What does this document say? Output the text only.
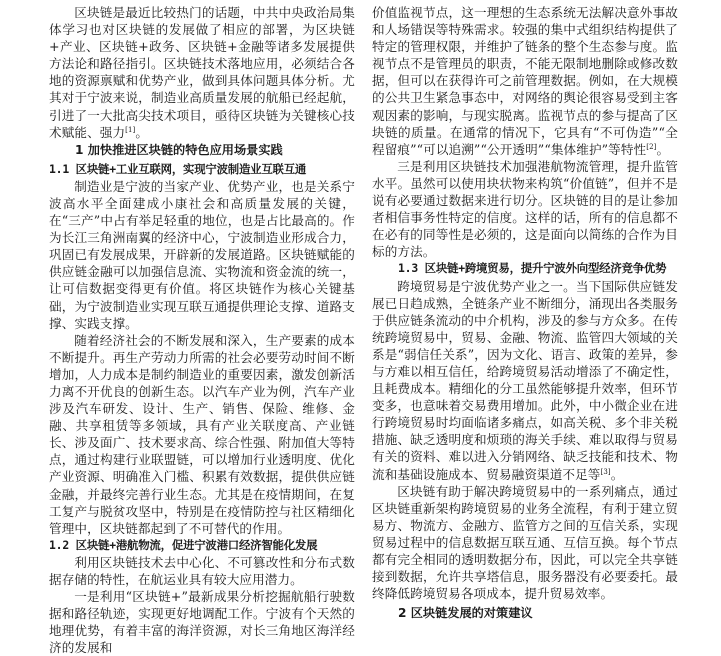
区块链是最近比较热门的话题，中共中央政治局集体学习也对区块链的发展做了相应的部署，为区块链+产业、区块链+政务、区块链+金融等诸多发展提供方法论和路径指引。区块链技术落地应用，必须结合各地的资源禀赋和优势产业，做到具体问题具体分析。尤其对于宁波来说，制造业高质量发展的航船已经起航，引进了一大批高尖技术项目，亟待区块链为关键核心技术赋能、强力[1]。

1 加快推进区块链的特色应用场景实践
1.1 区块链+工业互联网，实现宁波制造业互联互通

制造业是宁波的当家产业、优势产业，也是关系宁波高水平全面建成小康社会和高质量发展的关键，在“三产”中占有举足轻重的地位，也是占比最高的。作为长江三角洲南翼的经济中心，宁波制造业形成合力，巩固已有发展成果，开辟新的发展道路。区块链赋能的供应链金融可以加强信息流、实物流和资金流的统一，让可信数据变得更有价值。将区块链作为核心关键基础，为宁波制造业实现互联互通提供理论支撑、道路支撑、实践支撑。

随着经济社会的不断发展和深入，生产要素的成本不断提升。再生产劳动力所需的社会必要劳动时间不断增加，人力成本是制约制造业的重要因素，激发创新活力离不开优良的创新生态。以汽车产业为例，汽车产业涉及汽车研发、设计、生产、销售、保险、维修、金融、共享租赁等多领域，具有产业关联度高、产业链长、涉及面广、技术要求高、综合性强、附加值大等特点，通过构建行业联盟链，可以增加行业透明度、优化产业资源、明确准入门槛、积累有效数据，提供供应链金融，并最终完善行业生态。尤其是在疫情期间，在复工复产与脱贫攻坚中，特别是在疫情防控与社区精细化管理中，区块链都起到了不可替代的作用。

1.2 区块链+港航物流，促进宁波港口经济智能化发展

利用区块链技术去中心化、不可篡改性和分布式数据存储的特性，在航运业具有较大应用潜力。

一是利用“区块链+”最新成果分析挖掘航船行驶数据和路径轨迹，实现更好地调配工作。宁波有个天然的地理优势，有着丰富的海洋资源，对长三角地区海洋经济的发展和

价值监视节点，这一理想的生态系统无法解决意外事故和人场错误等特殊需求。较强的集中式组织结构提供了特定的管理权限，并维护了链条的整个生态参与度。监视节点不是管理员的职责，不能无限制地删除或修改数据，但可以在获得许可之前管理数据。例如，在大规模的公共卫生紧急事态中，对网络的舆论很容易受到主客观因素的影响，与现实脱离。监视节点的参与提高了区块链的质量。在通常的情况下，它具有“不可伪造”“全程留痕”“可以追溯”“公开透明”“集体维护”等特性[2]。

三是利用区块链技术加强港航物流管理，提升监管水平。虽然可以使用块状物来构筑“价值链”，但并不是说有必要通过数据来进行切分。区块链的目的是让参加者相信事务性特定的信度。这样的话，所有的信息都不在必有的同等性是必须的，这是面向以简练的合作为目标的方法。

1.3 区块链+跨境贸易，提升宁波外向型经济竞争优势

跨境贸易是宁波优势产业之一。当下国际供应链发展已日趋成熟，全链条产业不断细分，涌现出各类服务于供应链条流动的中介机构，涉及的参与方众多。在传统跨境贸易中，贸易、金融、物流、监管四大领域的关系是“弱信任关系”，因为文化、语言、政策的差异，参与方难以相互信任，给跨境贸易活动增添了不确定性，且耗费成本。精细化的分工虽然能够提升效率，但环节变多，也意味着交易费用增加。此外，中小微企业在进行跨境贸易时均面临诸多痛点，如高关税、多个非关税措施、缺乏透明度和烦琐的海关手续、难以取得与贸易有关的资料、难以进入分销网络、缺乏技能和技术、物流和基础设施成本、贸易融资渠道不足等[3]。

区块链有助于解决跨境贸易中的一系列痛点，通过区块链重新架构跨境贸易的业务全流程，有利于建立贸易方、物流方、金融方、监管方之间的互信关系，实现贸易过程中的信息数据互联互通、互信互换。每个节点都有完全相同的透明数据分布，因此，可以完全共享链接到数据，允许共享塔信息，服务器没有必要委托。最终降低跨境贸易各项成本，提升贸易效率。

2 区块链发展的对策建议
